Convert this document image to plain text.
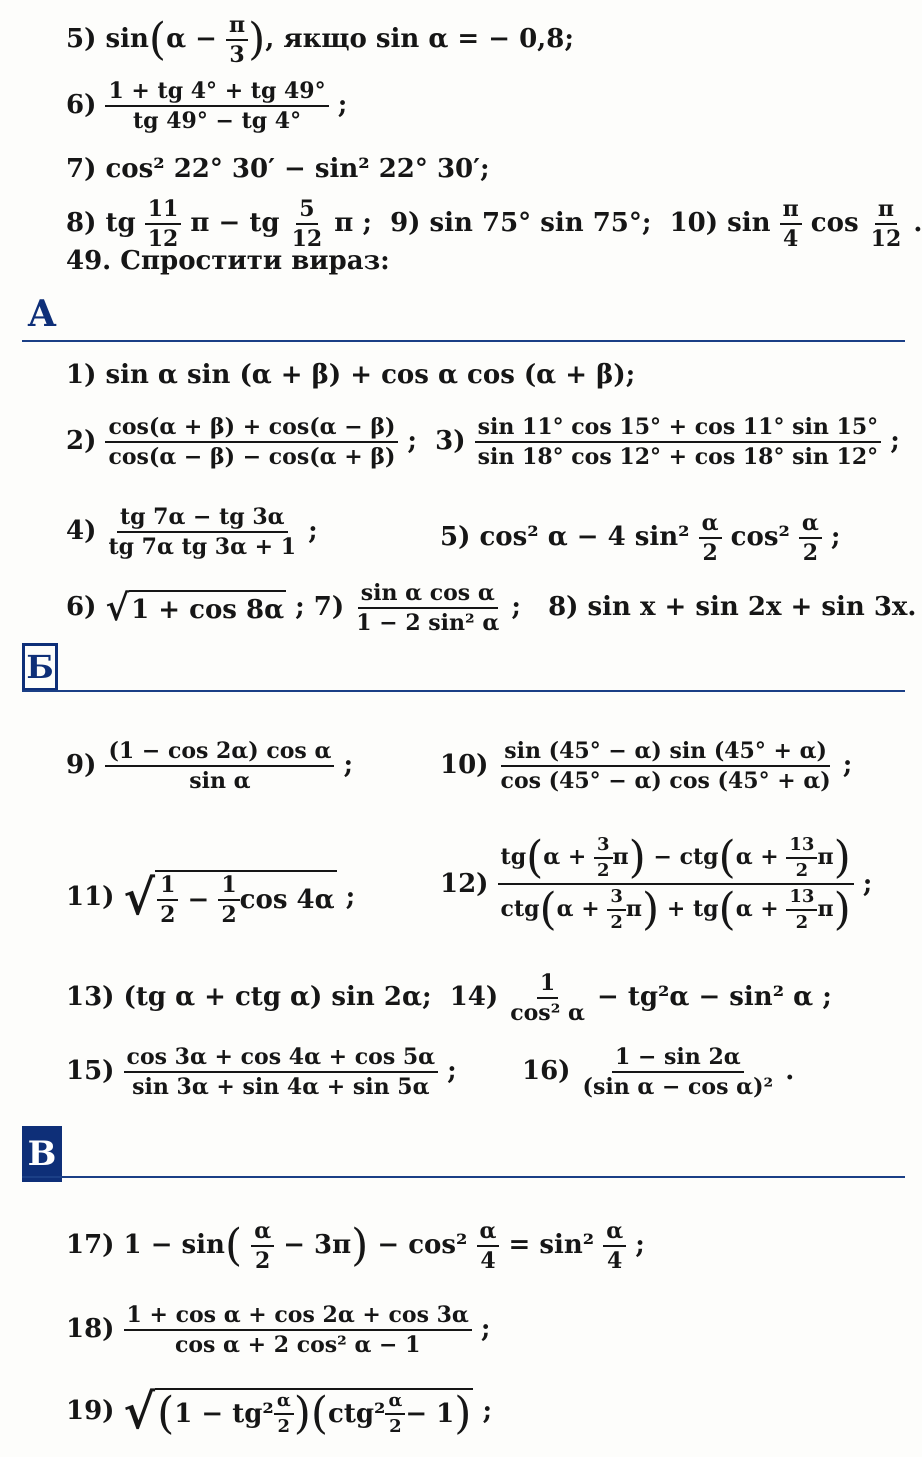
5) $\sin(\alpha - \frac{\pi}{3}$ ), якщо sin α = − 0,8;
$6) \frac{1 + tg 4^\circ + tg 49^\circ}{tg 49^\circ - tg 4^\circ}$ ;
7) cos² 22° 30′ − sin² 22° 30′;
8) tg $\frac{11}{12}$ π − tg $\frac{5}{12}$ π ; 9) sin 75° sin 75°; 10) $\sin \frac{\pi}{4}$ $\cos \frac{\pi}{12}$ .
49. Спростити вираз:
А
1) sin α sin (α + β) + cos α cos (α + β);
$2) \frac{\cos(\alpha + \beta) + \cos(\alpha - \beta)}{\cos(\alpha - \beta) - \cos(\alpha + \beta)}$ ; $3) \frac{\sin 11^\circ \cos 15^\circ + \cos 11^\circ \sin 15^\circ}{\sin 18^\circ \cos 12^\circ + \cos 18^\circ \sin 12^\circ}$ ;
$4) \frac{tg 7\alpha - tg 3\alpha}{\text{tg 7α tg 3α + 1}}$ ;	5) cos² α − 4 $\sin^2 \frac{\alpha}{2} \cos^2 \frac{\alpha}{2}$ ;
6) √ 1 + cos 8α ; $7) \frac{\text{sin α cos α}}{\text{1 − 2 sin² α}}$ ; 8) sin x + sin 2x + sin 3x.
Б
$9) \frac{\text{(1 − cos 2α) cos α}}{\text{sin α}}$ ;	$10) \frac{\sin (45^\circ - \alpha) \sin (45^\circ + \alpha)}{\cos (45^\circ - \alpha) \cos (45^\circ + \alpha)}$ ;
11) √ $\frac{1}{2}$
−
$\frac{1}{2}$ cos 4α ;	$12) \frac{tg(\alpha + \frac{3}{2} \pi) - ctg(\alpha + \frac{13}{2} \pi)}{ctg(\alpha + \frac{3}{2} \pi) + tg(\alpha + \frac{13}{2} \pi)}$ ;
13) (tg α + ctg α) sin 2α; $14) \frac{1}{\text{cos² α}} - tg^2\alpha - \sin^2$ α ;
$15) \frac{\cos 3\alpha + \cos 4\alpha + \cos 5\alpha}{\sin 3\alpha + \sin 4\alpha + \sin 5\alpha}$ ;	$16) \frac{1 - \sin 2\alpha}{\text{(sin α − cos α)²}}$ .
В
17) $1 - \sin( \frac{\alpha}{2} - 3\pi) - \cos^2 \frac{\alpha}{4} = \sin^2 \frac{\alpha}{4}$ ;
$18) \frac{\text{1 + cos α + cos 2α + cos 3α}}{\text{cos α + 2 cos² α − 1}}$ ;
19) √ ( $1 - tg^2 \frac{\alpha}{2}$ ) ( $ctg^2 \frac{\alpha}{2} - 1$ ) ;
